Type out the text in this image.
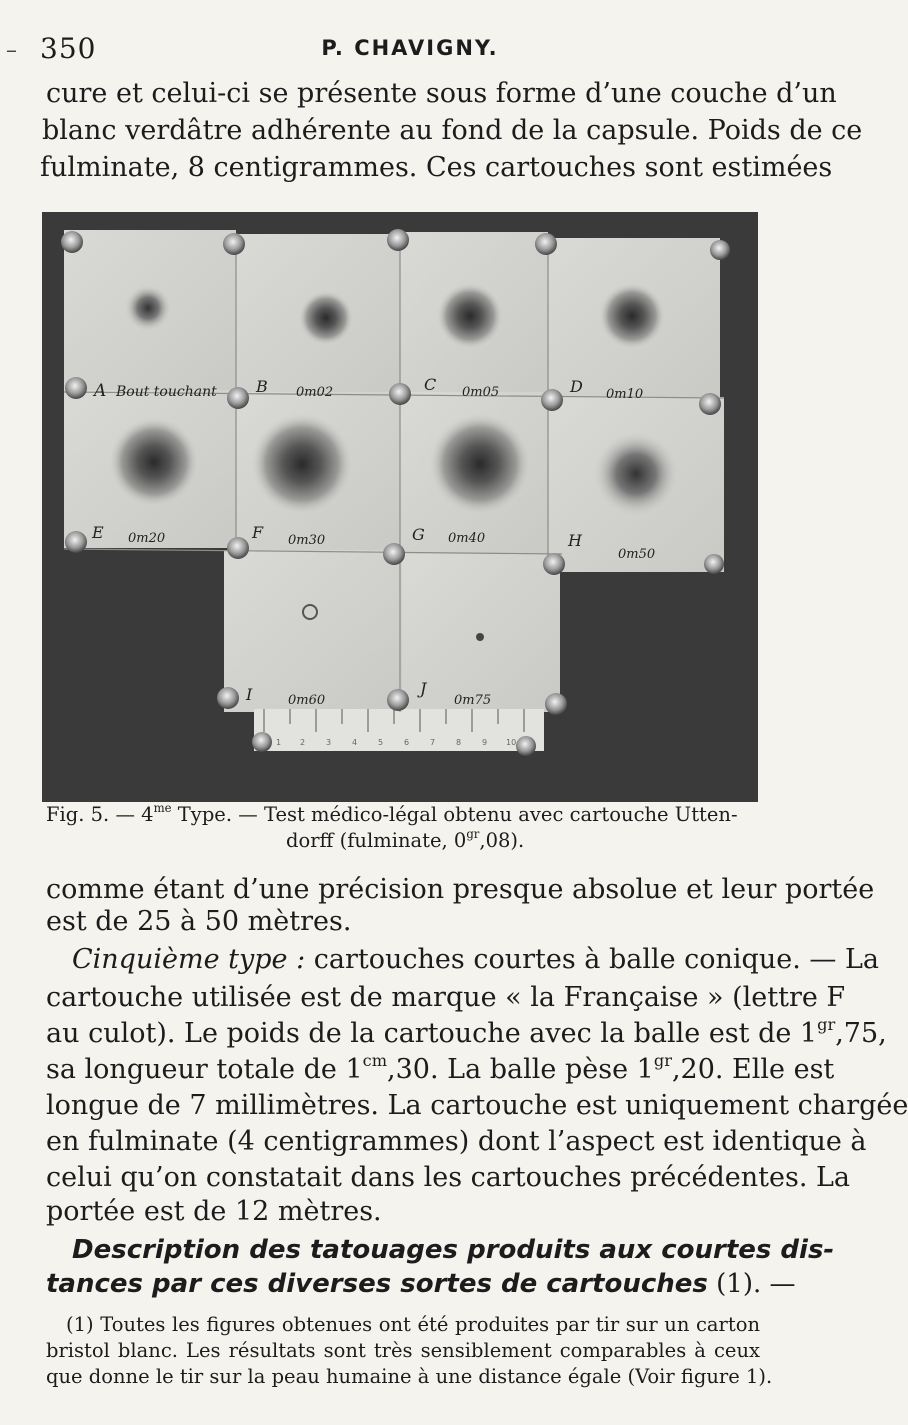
– 350	P. CHAVIGNY.
cure et celui-ci se présente sous forme d’une couche d’un
blanc verdâtre adhérente au fond de la capsule. Poids de ce
fulminate, 8 centigrammes. Ces cartouches sont estimées
1 2	3	4	5	6	7	8	9 10
A Bout touchant B 0m02	C 0m05	D 0m10
E 0m20	F 0m30	G 0m40	H
0m50
I	0m60
J
0m75
Fig. 5. — $4^{me}$ Type. — Test médico-légal obtenu avec cartouche Utten-
dorff (fulminate, $0^{gr},08$).
comme étant d’une précision presque absolue et leur portée
est de 25 à 50 mètres.
Cinquième type : cartouches courtes à balle conique. — La
cartouche utilisée est de marque « la Française » (lettre F
au culot). Le poids de la cartouche avec la balle est de $1^{gr},75$,
sa longueur totale de $1^{cm},30$. La balle pèse $1^{gr},20$. Elle est
longue de 7 millimètres. La cartouche est uniquement chargée
en fulminate (4 centigrammes) dont l’aspect est identique à
celui qu’on constatait dans les cartouches précédentes. La
portée est de 12 mètres.
Description des tatouages produits aux courtes dis-
tances par ces diverses sortes de cartouches (1). —
(1) Toutes les figures obtenues ont été produites par tir sur un carton
bristol blanc. Les résultats sont très sensiblement comparables à ceux
que donne le tir sur la peau humaine à une distance égale (Voir figure 1).
